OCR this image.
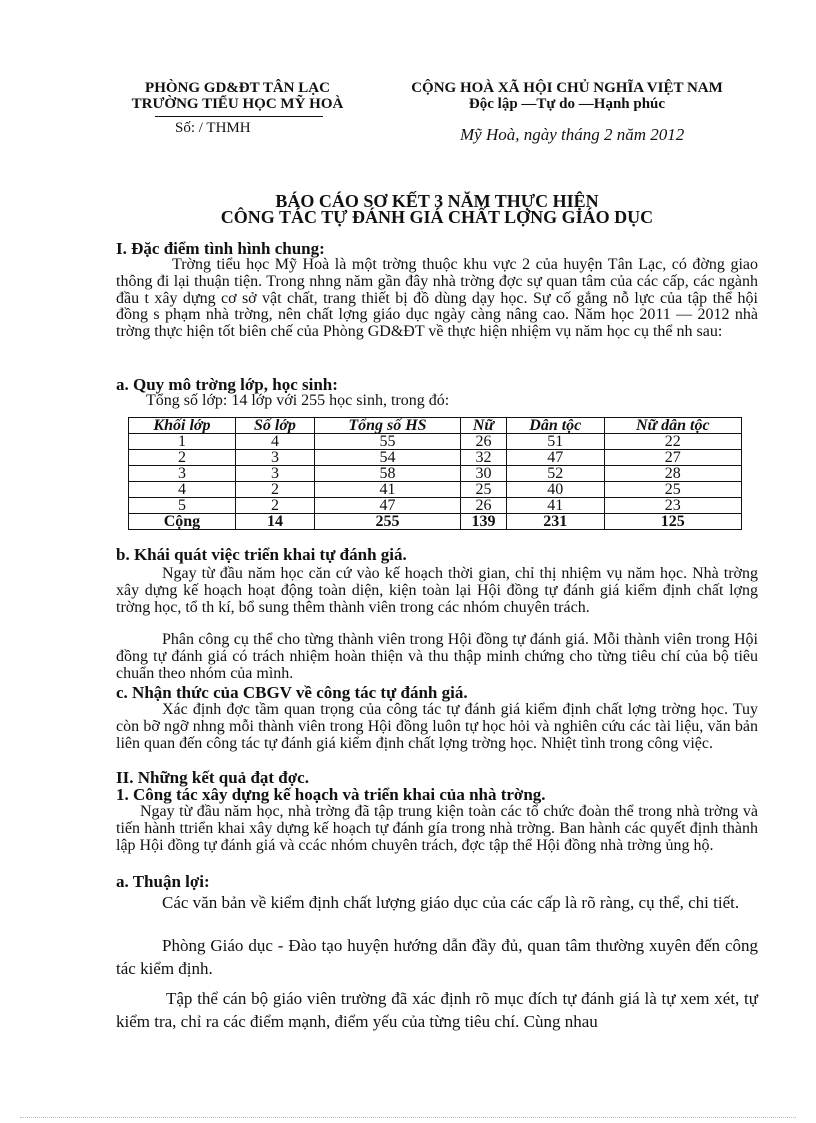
PHÒNG GD&ĐT TÂN LẠC
TRƯỜNG TIỂU HỌC MỸ HOÀ
Số: / THMH
CỘNG HOÀ XÃ HỘI CHỦ NGHĨA VIỆT NAM
Độc lập —Tự do —Hạnh phúc
Mỹ Hoà, ngày tháng 2 năm 2012
BÁO CÁO SƠ KẾT 3 NĂM THỰC HIỆN
CÔNG TÁC TỰ ĐÁNH GIÁ CHẤT LỢNG GIÁO DỤC
I. Đặc điểm tình hình chung:
Trờng tiểu học Mỹ Hoà là một trờng thuộc khu vực 2 của huyện Tân Lạc, có đờng giao thông đi lại thuận tiện. Trong nhng năm gần đây nhà trờng đợc sự quan tâm của các cấp, các ngành đầu t xây dựng cơ sở vật chất, trang thiết bị đồ dùng dạy học. Sự cố gắng nỗ lực của tập thể hội đồng s phạm nhà trờng, nên chất lợng giáo dục ngày càng nâng cao. Năm học 2011 — 2012 nhà trờng thực hiện tốt biên chế của Phòng GD&ĐT về thực hiện nhiệm vụ năm học cụ thể nh sau:
a. Quy mô trờng lớp, học sinh:
Tổng số lớp: 14 lớp với 255 học sinh, trong đó:
Khối lớp	Số lớp	Tổng số HS	Nữ	Dân tộc	Nữ dân tộc
1	4	55	26	51	22
2	3	54	32	47	27
3	3	58	30	52	28
4	2	41	25	40	25
5	2	47	26	41	23
Cộng	14	255	139	231	125
b. Khái quát việc triển khai tự đánh giá.
Ngay từ đầu năm học căn cứ vào kế hoạch thời gian, chỉ thị nhiệm vụ năm học. Nhà trờng xây dựng kế hoạch hoạt động toàn diện, kiện toàn lại Hội đồng tự đánh giá kiểm định chất lợng trờng học, tổ th kí, bổ sung thêm thành viên trong các nhóm chuyên trách.
Phân công cụ thể cho từng thành viên trong Hội đồng tự đánh giá. Mỗi thành viên trong Hội đồng tự đánh giá có trách nhiệm hoàn thiện và thu thập minh chứng cho từng tiêu chí của bộ tiêu chuẩn theo nhóm của mình.
c. Nhận thức của CBGV về công tác tự đánh giá.
Xác định đợc tầm quan trọng của công tác tự đánh giá kiểm định chất lợng trờng học. Tuy còn bỡ ngỡ nhng mỗi thành viên trong Hội đồng luôn tự học hỏi và nghiên cứu các tài liệu, văn bản liên quan đến công tác tự đánh giá kiểm định chất lợng trờng học. Nhiệt tình trong công việc.
II. Những kết quả đạt đợc.
1. Công tác xây dựng kế hoạch và triển khai của nhà trờng.
Ngay từ đầu năm học, nhà trờng đã tập trung kiện toàn các tổ chức đoàn thể trong nhà trờng và tiến hành ttriển khai xây dựng kế hoạch tự đánh gía trong nhà trờng. Ban hành các quyết định thành lập Hội đồng tự đánh giá và ccác nhóm chuyên trách, đợc tập thể Hội đồng nhà trờng ủng hộ.
a. Thuận lợi:
Các văn bản về kiểm định chất lượng giáo dục của các cấp là rõ ràng, cụ thể, chi tiết.
Phòng Giáo dục - Đào tạo huyện hướng dẫn đầy đủ, quan tâm thường xuyên đến công tác kiểm định.
Tập thể cán bộ giáo viên trường đã xác định rõ mục đích tự đánh giá là tự xem xét, tự kiểm tra, chỉ ra các điểm mạnh, điểm yếu của từng tiêu chí. Cùng nhau
